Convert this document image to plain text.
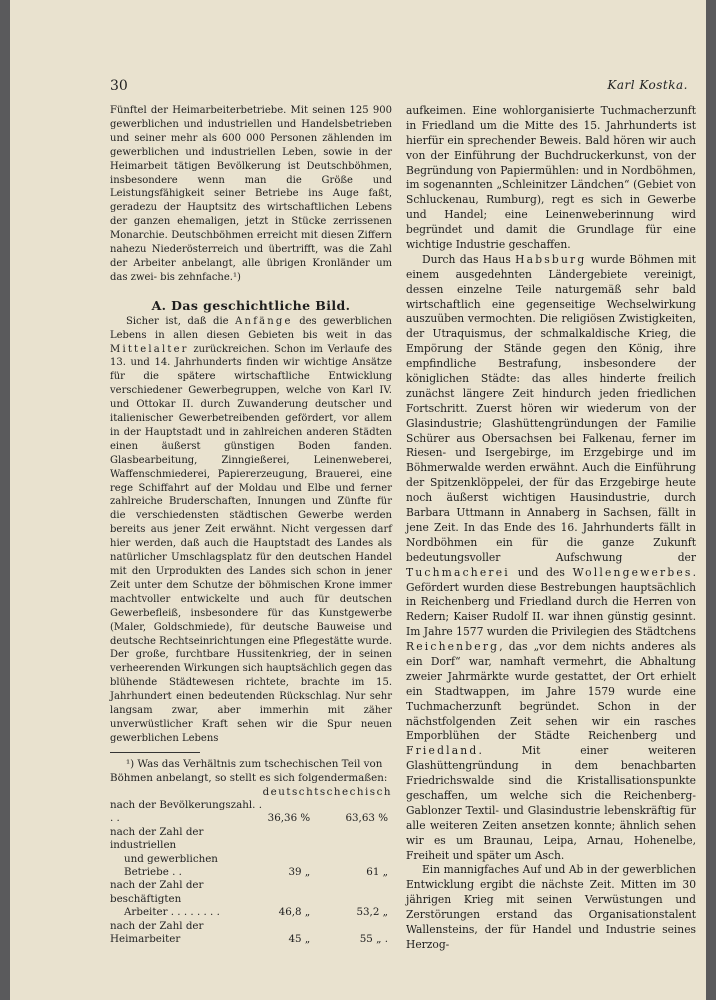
30	Karl Kostka.

Fünftel der Heimarbeiterbetriebe. Mit seinen 125 900 gewerblichen und industriellen und Handelsbetrieben und seiner mehr als 600 000 Personen zählenden im gewerblichen und industriellen Leben, sowie in der Heimarbeit tätigen Bevölkerung ist Deutschböhmen, insbesondere wenn man die Größe und Leistungsfähigkeit seiner Betriebe ins Auge faßt, geradezu der Hauptsitz des wirtschaftlichen Lebens der ganzen ehemaligen, jetzt in Stücke zerrissenen Monarchie. Deutschböhmen erreicht mit diesen Ziffern nahezu Niederösterreich und übertrifft, was die Zahl der Arbeiter anbelangt, alle übrigen Kronländer um das zwei- bis zehnfache.¹)

A. Das geschichtliche Bild.

Sicher ist, daß die Anfänge des gewerblichen Lebens in allen diesen Gebieten bis weit in das Mittelalter zurückreichen. Schon im Verlaufe des 13. und 14. Jahrhunderts finden wir wichtige Ansätze für die spätere wirtschaftliche Entwicklung verschiedener Gewerbegruppen, welche von Karl IV. und Ottokar II. durch Zuwanderung deutscher und italienischer Gewerbetreibenden gefördert, vor allem in der Hauptstadt und in zahlreichen anderen Städten einen äußerst günstigen Boden fanden. Glasbearbeitung, Zinngießerei, Leinenweberei, Waffenschmiederei, Papiererzeugung, Brauerei, eine rege Schiffahrt auf der Moldau und Elbe und ferner zahlreiche Bruderschaften, Innungen und Zünfte für die verschiedensten städtischen Gewerbe werden bereits aus jener Zeit erwähnt. Nicht vergessen darf hier werden, daß auch die Hauptstadt des Landes als natürlicher Umschlagsplatz für den deutschen Handel mit den Urprodukten des Landes sich schon in jener Zeit unter dem Schutze der böhmischen Krone immer machtvoller entwickelte und auch für deutschen Gewerbefleiß, insbesondere für das Kunstgewerbe (Maler, Goldschmiede), für deutsche Bauweise und deutsche Rechtseinrichtungen eine Pflegestätte wurde. Der große, furchtbare Hussitenkrieg, der in seinen verheerenden Wirkungen sich hauptsächlich gegen das blühende Städtewesen richtete, brachte im 15. Jahrhundert einen bedeutenden Rückschlag. Nur sehr langsam zwar, aber immerhin mit zäher unverwüstlicher Kraft sehen wir die Spur neuen gewerblichen Lebens

¹) Was das Verhältnis zum tschechischen Teil von Böhmen anbelangt, so stellt es sich folgendermaßen:

	deutsch	tschechisch
nach der Bevölkerungszahl. . . .	36,36 %	63,63 %
nach der Zahl der industriellen		
und gewerblichen Betriebe . .	39 „	61 „
nach der Zahl der beschäftigten		
Arbeiter . . . . . . . .	46,8 „	53,2 „
nach der Zahl der Heimarbeiter	45 „	55 „ .

aufkeimen. Eine wohlorganisierte Tuchmacherzunft in Friedland um die Mitte des 15. Jahrhunderts ist hierfür ein sprechender Beweis. Bald hören wir auch von der Einführung der Buchdruckerkunst, von der Begründung von Papiermühlen: und in Nordböhmen, im sogenannten „Schleinitzer Ländchen“ (Gebiet von Schluckenau, Rumburg), regt es sich in Gewerbe und Handel; eine Leinenweberinnung wird begründet und damit die Grundlage für eine wichtige Industrie geschaffen.

Durch das Haus Habsburg wurde Böhmen mit einem ausgedehnten Ländergebiete vereinigt, dessen einzelne Teile naturgemäß sehr bald wirtschaftlich eine gegenseitige Wechselwirkung auszuüben vermochten. Die religiösen Zwistigkeiten, der Utraquismus, der schmalkaldische Krieg, die Empörung der Stände gegen den König, ihre empfindliche Bestrafung, insbesondere der königlichen Städte: das alles hinderte freilich zunächst längere Zeit hindurch jeden friedlichen Fortschritt. Zuerst hören wir wiederum von der Glasindustrie; Glashüttengründungen der Familie Schürer aus Obersachsen bei Falkenau, ferner im Riesen- und Isergebirge, im Erzgebirge und im Böhmerwalde werden erwähnt. Auch die Einführung der Spitzenklöppelei, der für das Erzgebirge heute noch äußerst wichtigen Hausindustrie, durch Barbara Uttmann in Annaberg in Sachsen, fällt in jene Zeit. In das Ende des 16. Jahrhunderts fällt in Nordböhmen ein für die ganze Zukunft bedeutungsvoller Aufschwung der Tuchmacherei und des Wollengewerbes. Gefördert wurden diese Bestrebungen hauptsächlich in Reichenberg und Friedland durch die Herren von Redern; Kaiser Rudolf II. war ihnen günstig gesinnt. Im Jahre 1577 wurden die Privilegien des Städtchens Reichenberg, das „vor dem nichts anderes als ein Dorf“ war, namhaft vermehrt, die Abhaltung zweier Jahrmärkte wurde gestattet, der Ort erhielt ein Stadtwappen, im Jahre 1579 wurde eine Tuchmacherzunft begründet. Schon in der nächstfolgenden Zeit sehen wir ein rasches Emporblühen der Städte Reichenberg und Friedland. Mit einer weiteren Glashüttengründung in dem benachbarten Friedrichswalde sind die Kristallisationspunkte geschaffen, um welche sich die Reichenberg-Gablonzer Textil- und Glasindustrie lebenskräftig für alle weiteren Zeiten ansetzen konnte; ähnlich sehen wir es um Braunau, Leipa, Arnau, Hohenelbe, Freiheit und später um Asch.

Ein mannigfaches Auf und Ab in der gewerblichen Entwicklung ergibt die nächste Zeit. Mitten im 30 jährigen Krieg mit seinen Verwüstungen und Zerstörungen erstand das Organisationstalent Wallensteins, der für Handel und Industrie seines Herzog-
